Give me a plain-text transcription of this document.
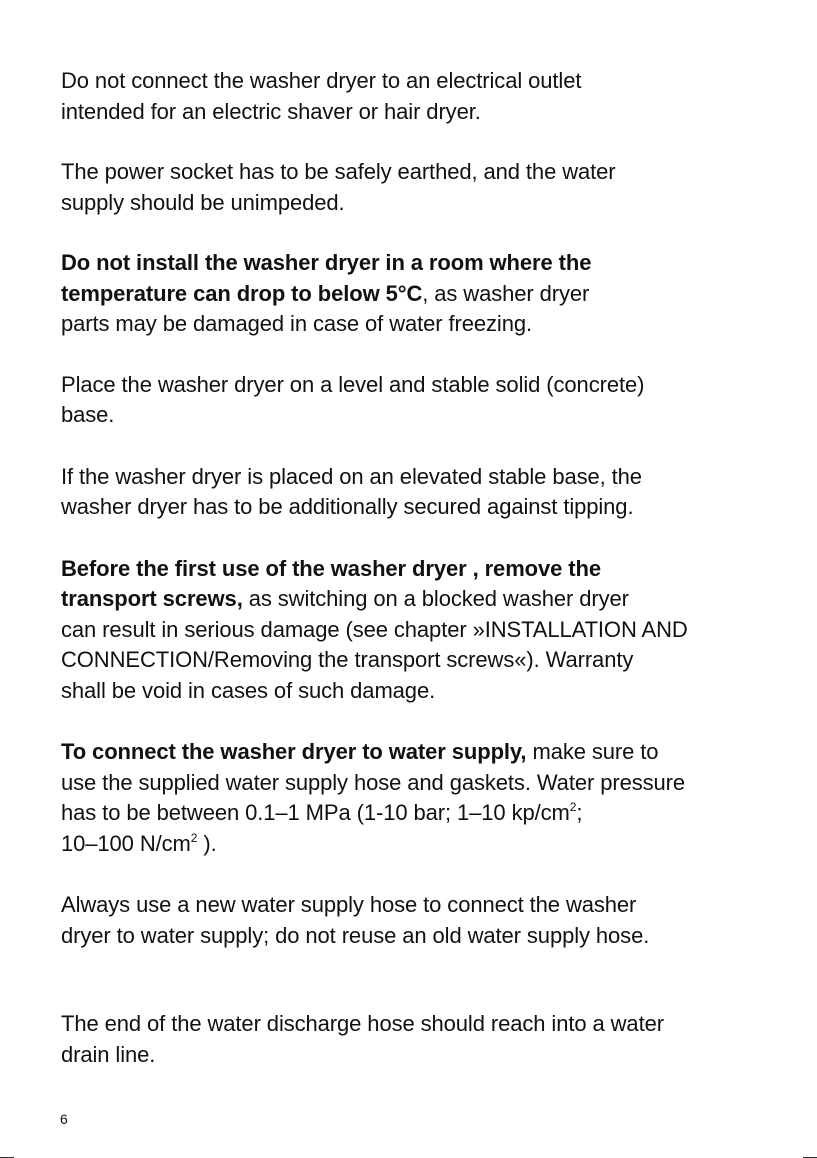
Do not connect the washer dryer to an electrical outlet
intended for an electric shaver or hair dryer.

The power socket has to be safely earthed, and the water
supply should be unimpeded.

Do not install the washer dryer in a room where the
temperature can drop to below 5°C, as washer dryer
parts may be damaged in case of water freezing.

Place the washer dryer on a level and stable solid (concrete)
base.

If the washer dryer is placed on an elevated stable base, the
washer dryer has to be additionally secured against tipping.

Before the first use of the washer dryer , remove the
transport screws, as switching on a blocked washer dryer
can result in serious damage (see chapter »INSTALLATION AND
CONNECTION/Removing the transport screws«). Warranty
shall be void in cases of such damage.

To connect the washer dryer to water supply, make sure to
use the supplied water supply hose and gaskets. Water pressure
has to be between 0.1–1 MPa (1-10 bar; 1–10 $kp/cm^2$;
10–100 $N/cm^2$ ).

Always use a new water supply hose to connect the washer
dryer to water supply; do not reuse an old water supply hose.

The end of the water discharge hose should reach into a water
drain line.

6
